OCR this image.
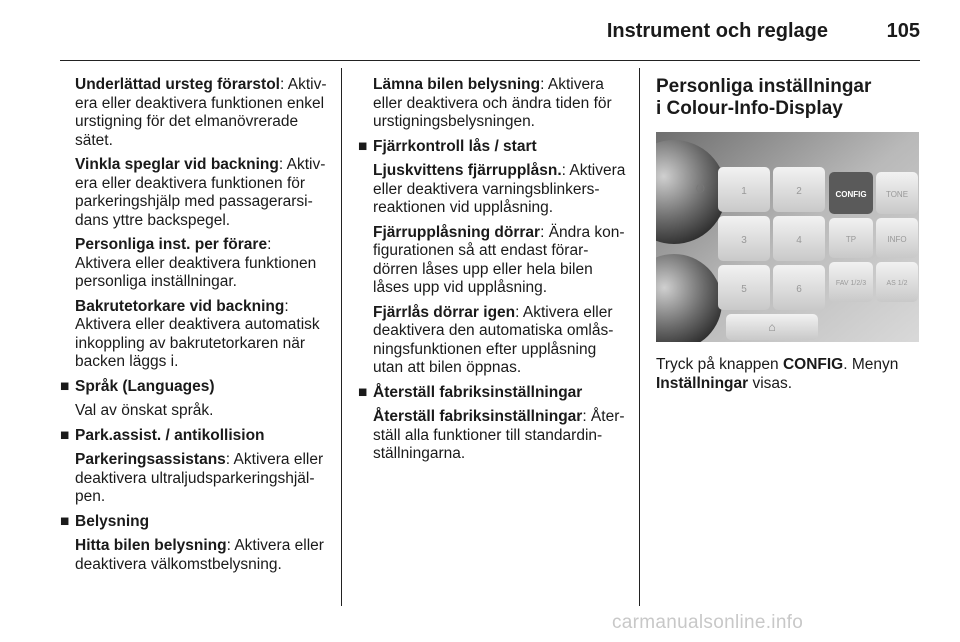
Instrument och reglage	105

Underlättad ursteg förarstol: Aktivera eller deaktivera funktionen enkel urstigning för det elmanövrerade sätet.

Vinkla speglar vid backning: Aktivera eller deaktivera funktionen för parkeringshjälp med passagerarsidans yttre backspegel.

Personliga inst. per förare: Aktivera eller deaktivera funktionen personliga inställningar.

Bakrutetorkare vid backning: Aktivera eller deaktivera automatisk inkoppling av bakrutetorkaren när backen läggs i.

■ Språk (Languages)

Val av önskat språk.

■ Park.assist. / antikollision

Parkeringsassistans: Aktivera eller deaktivera ultraljudsparkeringshjälpen.

■ Belysning

Hitta bilen belysning: Aktivera eller deaktivera välkomstbelysning.

Lämna bilen belysning: Aktivera eller deaktivera och ändra tiden för urstigningsbelysningen.

■ Fjärrkontroll lås / start

Ljuskvittens fjärrupplåsn.: Aktivera eller deaktivera varningsblinkersreaktionen vid upplåsning.

Fjärrupplåsning dörrar: Ändra konfigurationen så att endast förardörren låses upp eller hela bilen låses upp vid upplåsning.

Fjärrlås dörrar igen: Aktivera eller deaktivera den automatiska omlåsningsfunktionen efter upplåsning utan att bilen öppnas.

■ Återställ fabriksinställningar

Återställ fabriksinställningar: Återställ alla funktioner till standardinställningarna.

Personliga inställningar
i Colour-Info-Display
⏻	1	2
3	4
5	6
⌂
CONFIG TONE
TP	INFO
FAV 1/2/3	AS 1/2

Tryck på knappen CONFIG. Menyn Inställningar visas.

carmanualsonline.info
